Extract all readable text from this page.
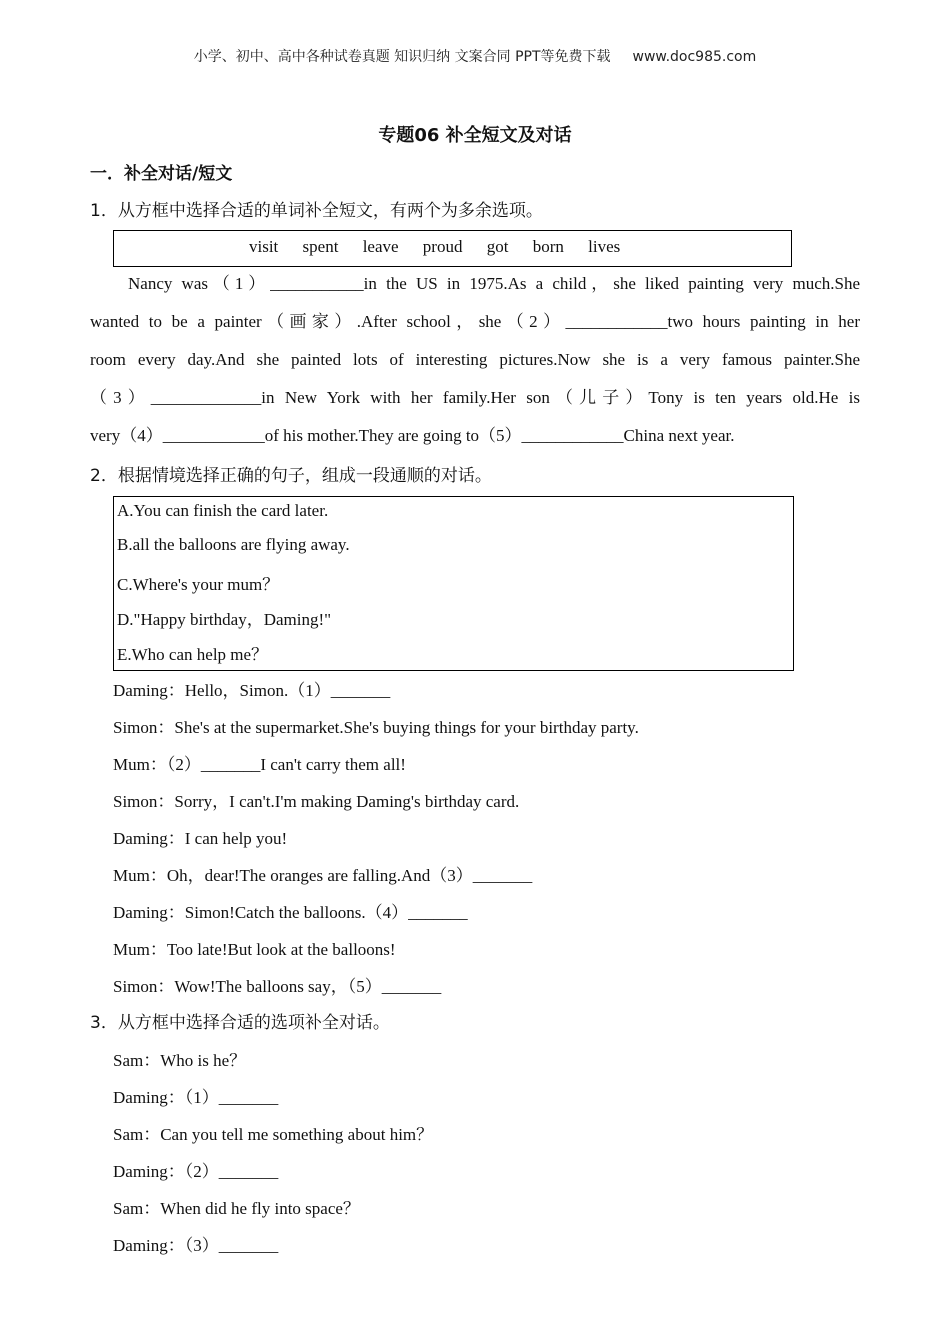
小学、初中、高中各种试卷真题 知识归纳 文案合同 PPT等免费下载 www.doc985.com
专题06 补全短文及对话
一．补全对话/短文
1．从方框中选择合适的单词补全短文，有两个为多余选项。
visit spent leave proud got born lives
Nancy was（1）___________in the US in 1975.As a child，she liked painting very much.She
wanted to be a painter（画家）.After school，she（2）____________two hours painting in her
room every day.And she painted lots of interesting pictures.Now she is a very famous painter.She
（3）_____________in New York with her family.Her son（儿子）Tony is ten years old.He is
very（4）____________of his mother.They are going to（5）____________China next year.
2．根据情境选择正确的句子，组成一段通顺的对话。
A.You can finish the card later.
B.all the balloons are flying away.
C.Where's your mum？
D."Happy birthday，Daming!"
E.Who can help me？
Daming：Hello，Simon.（1）_______
Simon：She's at the supermarket.She's buying things for your birthday party.
Mum：（2）_______I can't carry them all!
Simon：Sorry，I can't.I'm making Daming's birthday card.
Daming：I can help you!
Mum：Oh，dear!The oranges are falling.And（3）_______
Daming：Simon!Catch the balloons.（4）_______
Mum：Too late!But look at the balloons!
Simon：Wow!The balloons say，（5）_______
3．从方框中选择合适的选项补全对话。
Sam：Who is he？
Daming：（1）_______
Sam：Can you tell me something about him？
Daming：（2）_______
Sam：When did he fly into space？
Daming：（3）_______
